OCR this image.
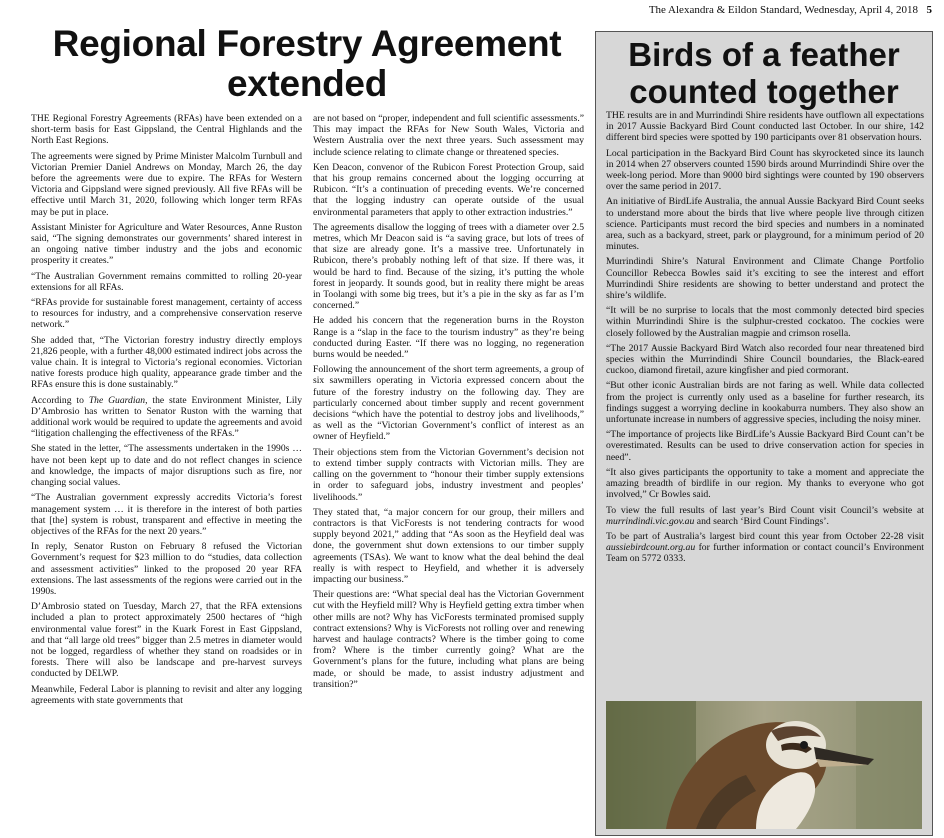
The Alexandra & Eildon Standard, Wednesday, April 4, 2018 5
Regional Forestry Agreement extended

THE Regional Forestry Agreements (RFAs) have been extended on a short-term basis for East Gippsland, the Central Highlands and the North East Regions.

The agreements were signed by Prime Minister Malcolm Turnbull and Victorian Premier Daniel Andrews on Monday, March 26, the day before the agreements were due to expire. The RFAs for Western Victoria and Gippsland were signed previously. All five RFAs will be effective until March 31, 2020, following which longer term RFAs may be put in place.

Assistant Minister for Agriculture and Water Resources, Anne Ruston said, “The signing demonstrates our governments’ shared interest in an ongoing native timber industry and the jobs and economic prosperity it creates.”

“The Australian Government remains committed to rolling 20-year extensions for all RFAs.

“RFAs provide for sustainable forest management, certainty of access to resources for industry, and a comprehensive conservation reserve network.”

She added that, “The Victorian forestry industry directly employs 21,826 people, with a further 48,000 estimated indirect jobs across the value chain. It is integral to Victoria’s regional economies. Victorian native forests produce high quality, appearance grade timber and the RFAs ensure this is done sustainably.”

According to The Guardian, the state Environment Minister, Lily D’Ambrosio has written to Senator Ruston with the warning that additional work would be required to update the agreements and avoid “litigation challenging the effectiveness of the RFAs.”

She stated in the letter, “The assessments undertaken in the 1990s … have not been kept up to date and do not reflect changes in science and knowledge, the impacts of major disruptions such as fire, nor changing social values.

“The Australian government expressly accredits Victoria’s forest management system … it is therefore in the interest of both parties that [the] system is robust, transparent and effective in meeting the objectives of the RFAs for the next 20 years.”

In reply, Senator Ruston on February 8 refused the Victorian Government’s request for $23 million to do “studies, data collection and assessment activities” linked to the proposed 20 year RFA extensions. The last assessments of the regions were carried out in the 1990s.

D’Ambrosio stated on Tuesday, March 27, that the RFA extensions included a plan to protect approximately 2500 hectares of “high environmental value forest” in the Kuark Forest in East Gippsland, and that “all large old trees” bigger than 2.5 metres in diameter would not be logged, regardless of whether they stand on roadsides or in forests. There will also be landscape and pre-harvest surveys conducted by DELWP.

Meanwhile, Federal Labor is planning to revisit and alter any logging agreements with state governments that

are not based on “proper, independent and full scientific assessments.” This may impact the RFAs for New South Wales, Victoria and Western Australia over the next three years. Such assessment may include science relating to climate change or threatened species.

Ken Deacon, convenor of the Rubicon Forest Protection Group, said that his group remains concerned about the logging occurring at Rubicon. “It’s a continuation of preceding events. We’re concerned that the logging industry can operate outside of the usual environmental parameters that apply to other extraction industries.”

The agreements disallow the logging of trees with a diameter over 2.5 metres, which Mr Deacon said is “a saving grace, but lots of trees of that size are already gone. It’s a massive tree. Unfortunately in Rubicon, there’s probably nothing left of that size. If there was, it would be hard to find. Because of the sizing, it’s putting the whole forest in jeopardy. It sounds good, but in reality there might be areas in Toolangi with some big trees, but it’s a pie in the sky as far as I’m concerned.”

He added his concern that the regeneration burns in the Royston Range is a “slap in the face to the tourism industry” as they’re being conducted during Easter. “If there was no logging, no regeneration burns would be needed.”

Following the announcement of the short term agreements, a group of six sawmillers operating in Victoria expressed concern about the future of the forestry industry on the following day. They are particularly concerned about timber supply and recent government decisions “which have the potential to destroy jobs and livelihoods,” as well as the “Victorian Government’s conflict of interest as an owner of Heyfield.”

Their objections stem from the Victorian Government’s decision not to extend timber supply contracts with Victorian mills. They are calling on the government to “honour their timber supply extensions in order to safeguard jobs, industry investment and peoples’ livelihoods.”

They stated that, “a major concern for our group, their millers and contractors is that VicForests is not tendering contracts for wood supply beyond 2021,” adding that “As soon as the Heyfield deal was done, the government shut down extensions to our timber supply agreements (TSAs). We want to know what the deal behind the deal really is with respect to Heyfield, and whether it is adversely impacting our business.”

Their questions are: “What special deal has the Victorian Government cut with the Heyfield mill? Why is Heyfield getting extra timber when other mills are not? Why has VicForests terminated promised supply contract extensions? Why is VicForests not rolling over and renewing harvest and haulage contracts? Where is the timber going to come from? Where is the timber currently going? What are the Government’s plans for the future, including what plans are being made, or should be made, to assist industry adjustment and transition?”

Birds of a feather counted together

THE results are in and Murrindindi Shire residents have outflown all expectations in 2017 Aussie Backyard Bird Count conducted last October. In our shire, 142 different bird species were spotted by 190 participants over 81 observation hours.

Local participation in the Backyard Bird Count has skyrocketed since its launch in 2014 when 27 observers counted 1590 birds around Murrindindi Shire over the week-long period. More than 9000 bird sightings were counted by 190 observers over the same period in 2017.

An initiative of BirdLife Australia, the annual Aussie Backyard Bird Count seeks to understand more about the birds that live where people live through citizen science. Participants must record the bird species and numbers in a nominated area, such as a backyard, street, park or playground, for a minimum period of 20 minutes.

Murrindindi Shire’s Natural Environment and Climate Change Portfolio Councillor Rebecca Bowles said it’s exciting to see the interest and effort Murrindindi Shire residents are showing to better understand and protect the shire’s wildlife.

“It will be no surprise to locals that the most commonly detected bird species within Murrindindi Shire is the sulphur-crested cockatoo. The cockies were closely followed by the Australian magpie and crimson rosella.

“The 2017 Aussie Backyard Bird Watch also recorded four near threatened bird species within the Murrindindi Shire Council boundaries, the Black-eared cuckoo, diamond firetail, azure kingfisher and pied cormorant.

“But other iconic Australian birds are not faring as well. While data collected from the project is currently only used as a baseline for further research, its findings suggest a worrying decline in kookaburra numbers. They also show an unfortunate increase in numbers of aggressive species, including the noisy miner.

“The importance of projects like BirdLife’s Aussie Backyard Bird Count can’t be overestimated. Results can be used to drive conservation action for species in need”.

“It also gives participants the opportunity to take a moment and appreciate the amazing breadth of birdlife in our region. My thanks to everyone who got involved,” Cr Bowles said.

To view the full results of last year’s Bird Count visit Council’s website at murrindindi.vic.gov.au and search ‘Bird Count Findings’.

To be part of Australia’s largest bird count this year from October 22-28 visit aussiebirdcount.org.au for further information or contact council’s Environment Team on 5772 0333.
